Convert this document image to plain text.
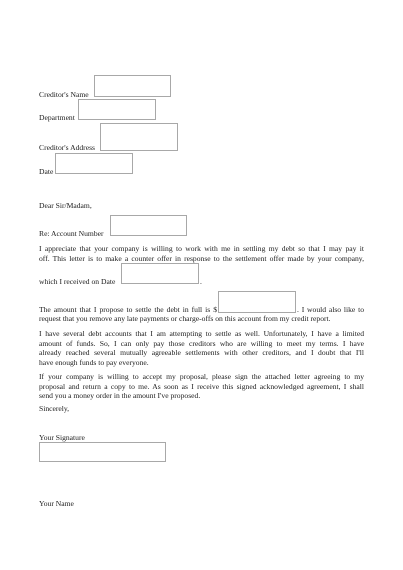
Creditor's Name
Department
Creditor's Address
Date
Dear Sir/Madam,
Re: Account Number
I appreciate that your company is willing to work with me in settling my debt so that I may pay it
off. This letter is to make a counter offer in response to the settlement offer made by your company,
which I received on Date	.
The amount that I propose to settle the debt in full is $	. I would also like to
request that you remove any late payments or charge-offs on this account from my credit report.
I have several debt accounts that I am attempting to settle as well. Unfortunately, I have a limited
amount of funds. So, I can only pay those creditors who are willing to meet my terms. I have
already reached several mutually agreeable settlements with other creditors, and I doubt that I'll
have enough funds to pay everyone.
If your company is willing to accept my proposal, please sign the attached letter agreeing to my
proposal and return a copy to me. As soon as I receive this signed acknowledged agreement, I shall
send you a money order in the amount I've proposed.
Sincerely,
Your Signature
Your Name
